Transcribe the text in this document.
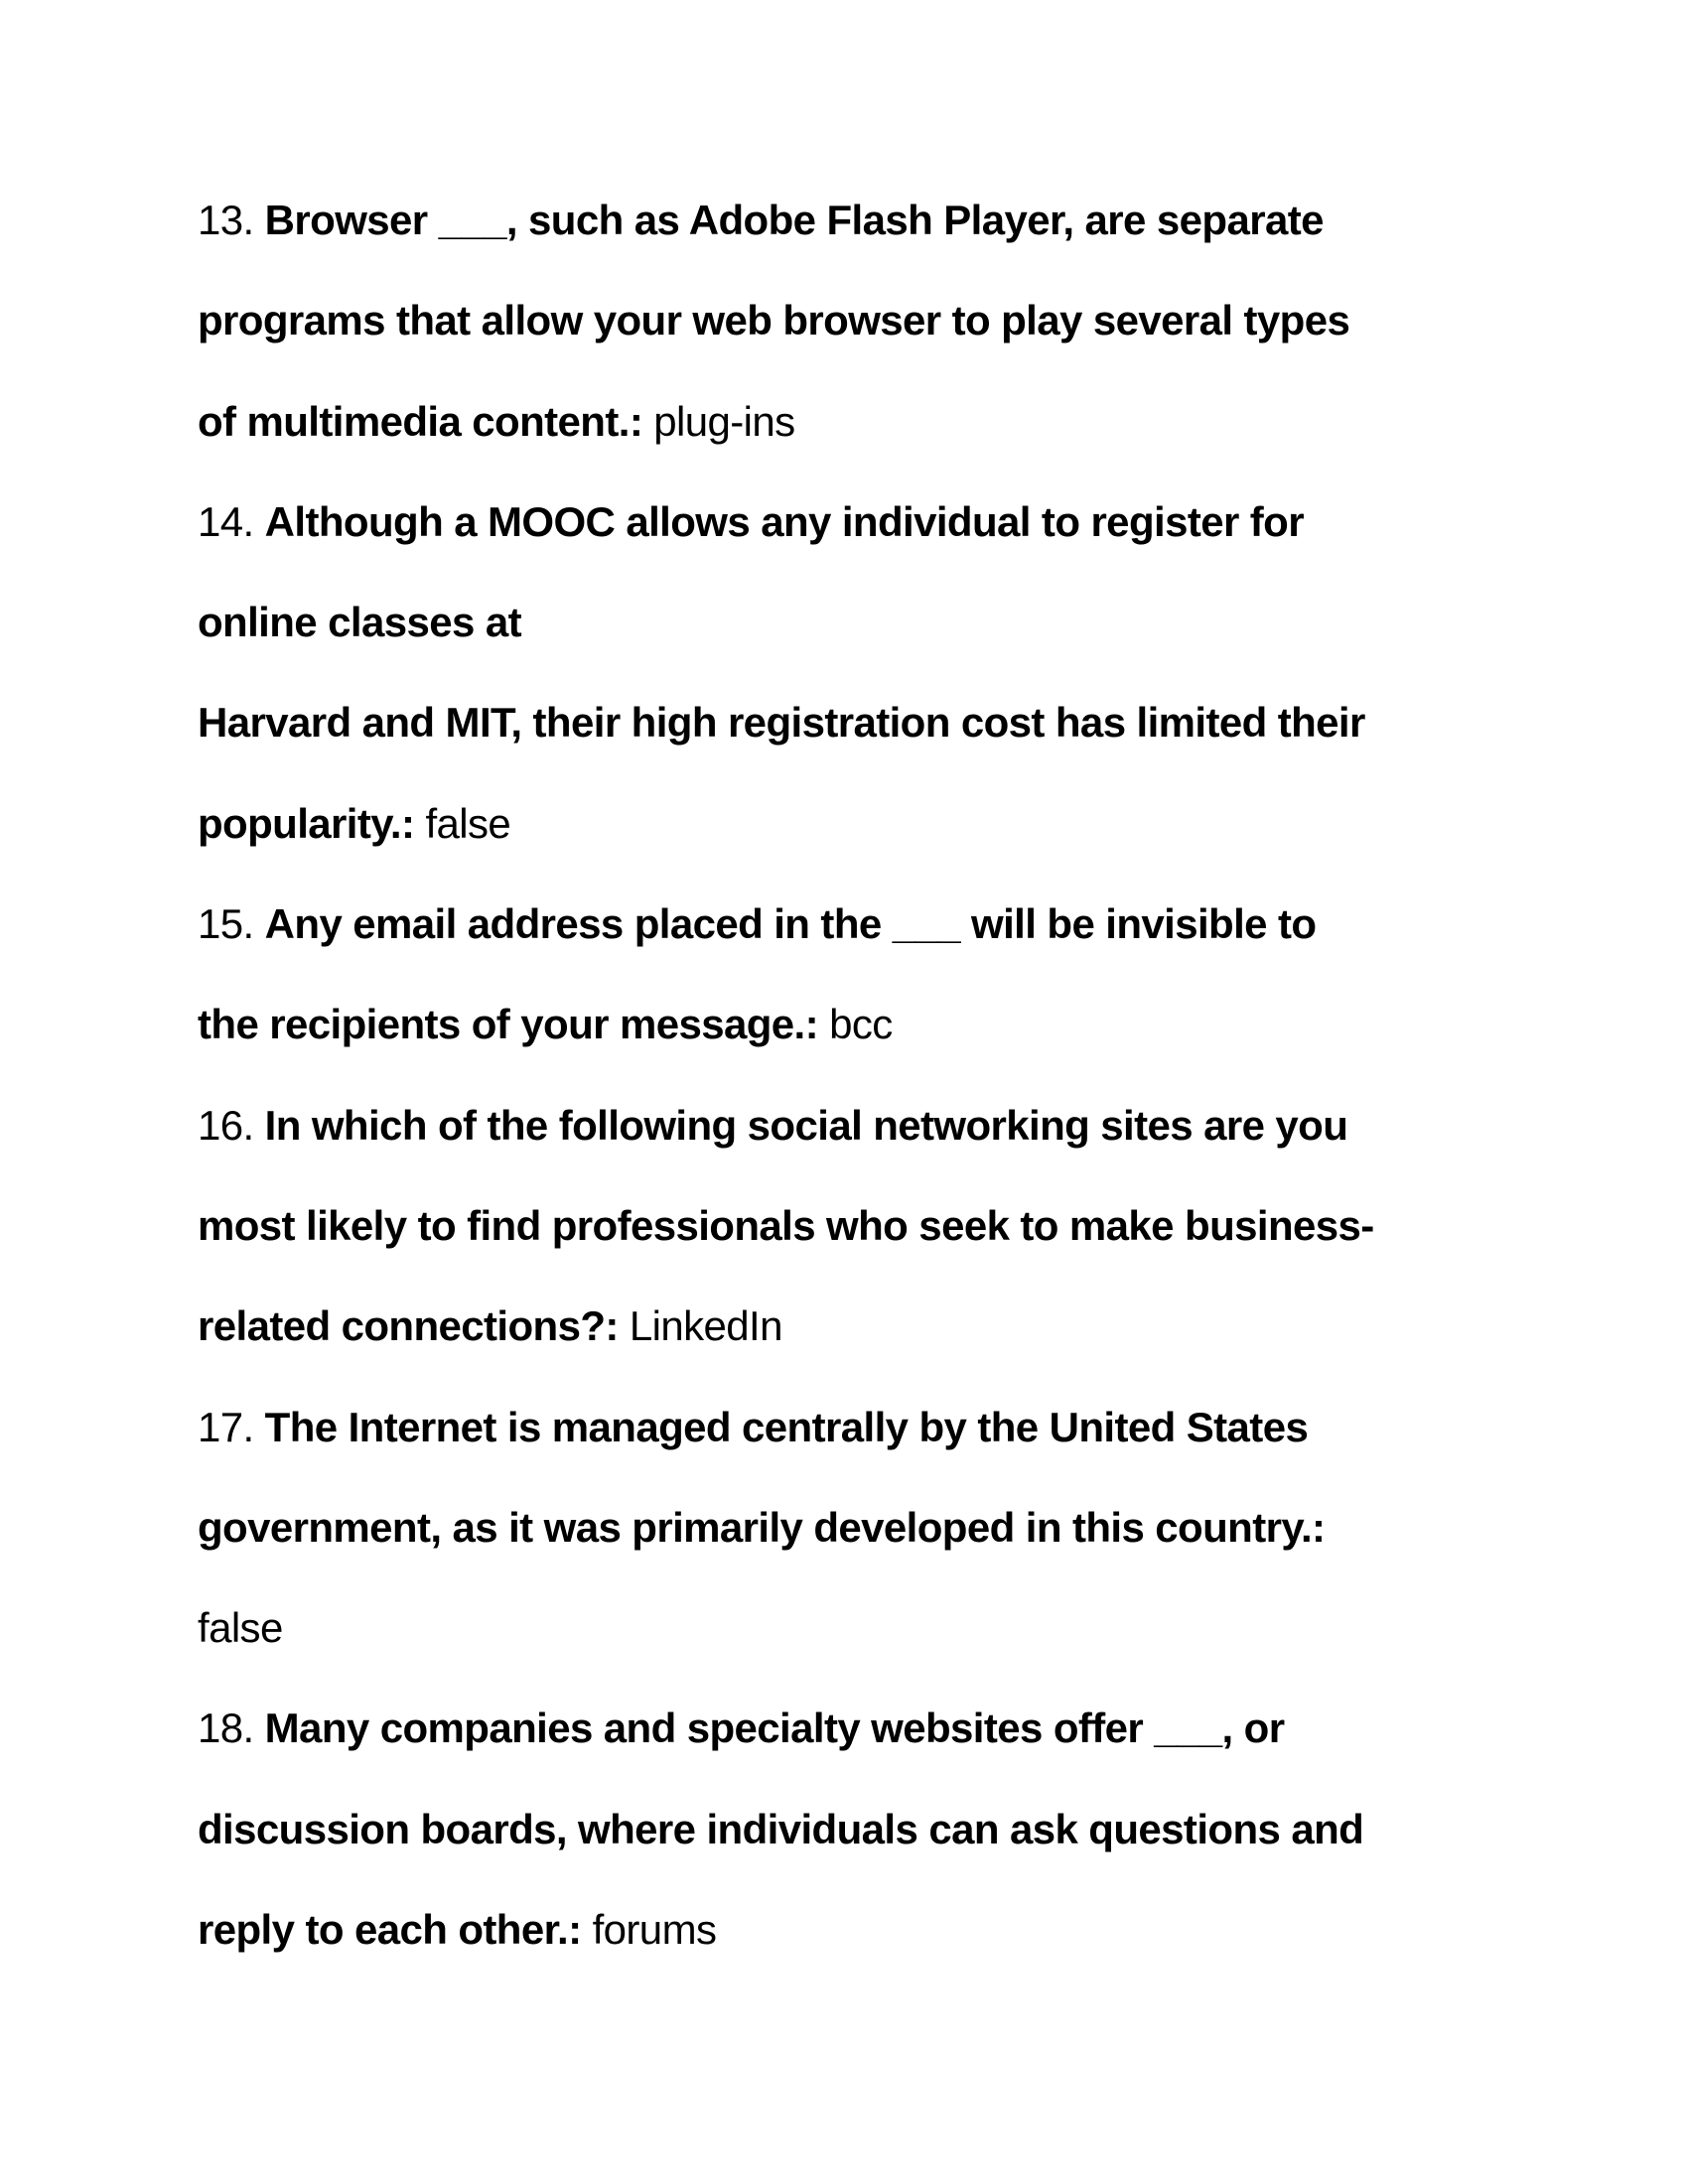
13. Browser ___, such as Adobe Flash Player, are separate
programs that allow your web browser to play several types
of multimedia content.: plug-ins
14. Although a MOOC allows any individual to register for
online classes at
Harvard and MIT, their high registration cost has limited their
popularity.: false
15. Any email address placed in the ___ will be invisible to
the recipients of your message.: bcc
16. In which of the following social networking sites are you
most likely to find professionals who seek to make business-
related connections?: LinkedIn
17. The Internet is managed centrally by the United States
government, as it was primarily developed in this country.:
false
18. Many companies and specialty websites offer ___, or
discussion boards, where individuals can ask questions and
reply to each other.: forums
